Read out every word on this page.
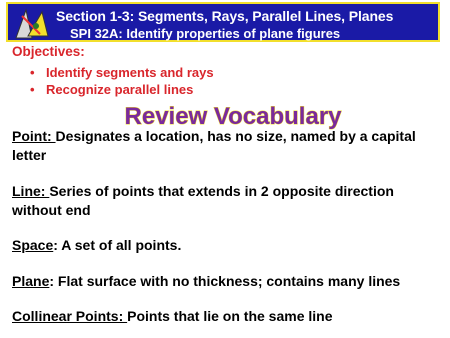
Section 1-3: Segments, Rays, Parallel Lines, Planes
SPI 32A: Identify properties of plane figures
Objectives:
• Identify segments and rays
• Recognize parallel lines
Review Vocabulary
Point: Designates a location, has no size, named by a capital letter
Line: Series of points that extends in 2 opposite direction without end
Space: A set of all points.
Plane: Flat surface with no thickness; contains many lines
Collinear Points: Points that lie on the same line
